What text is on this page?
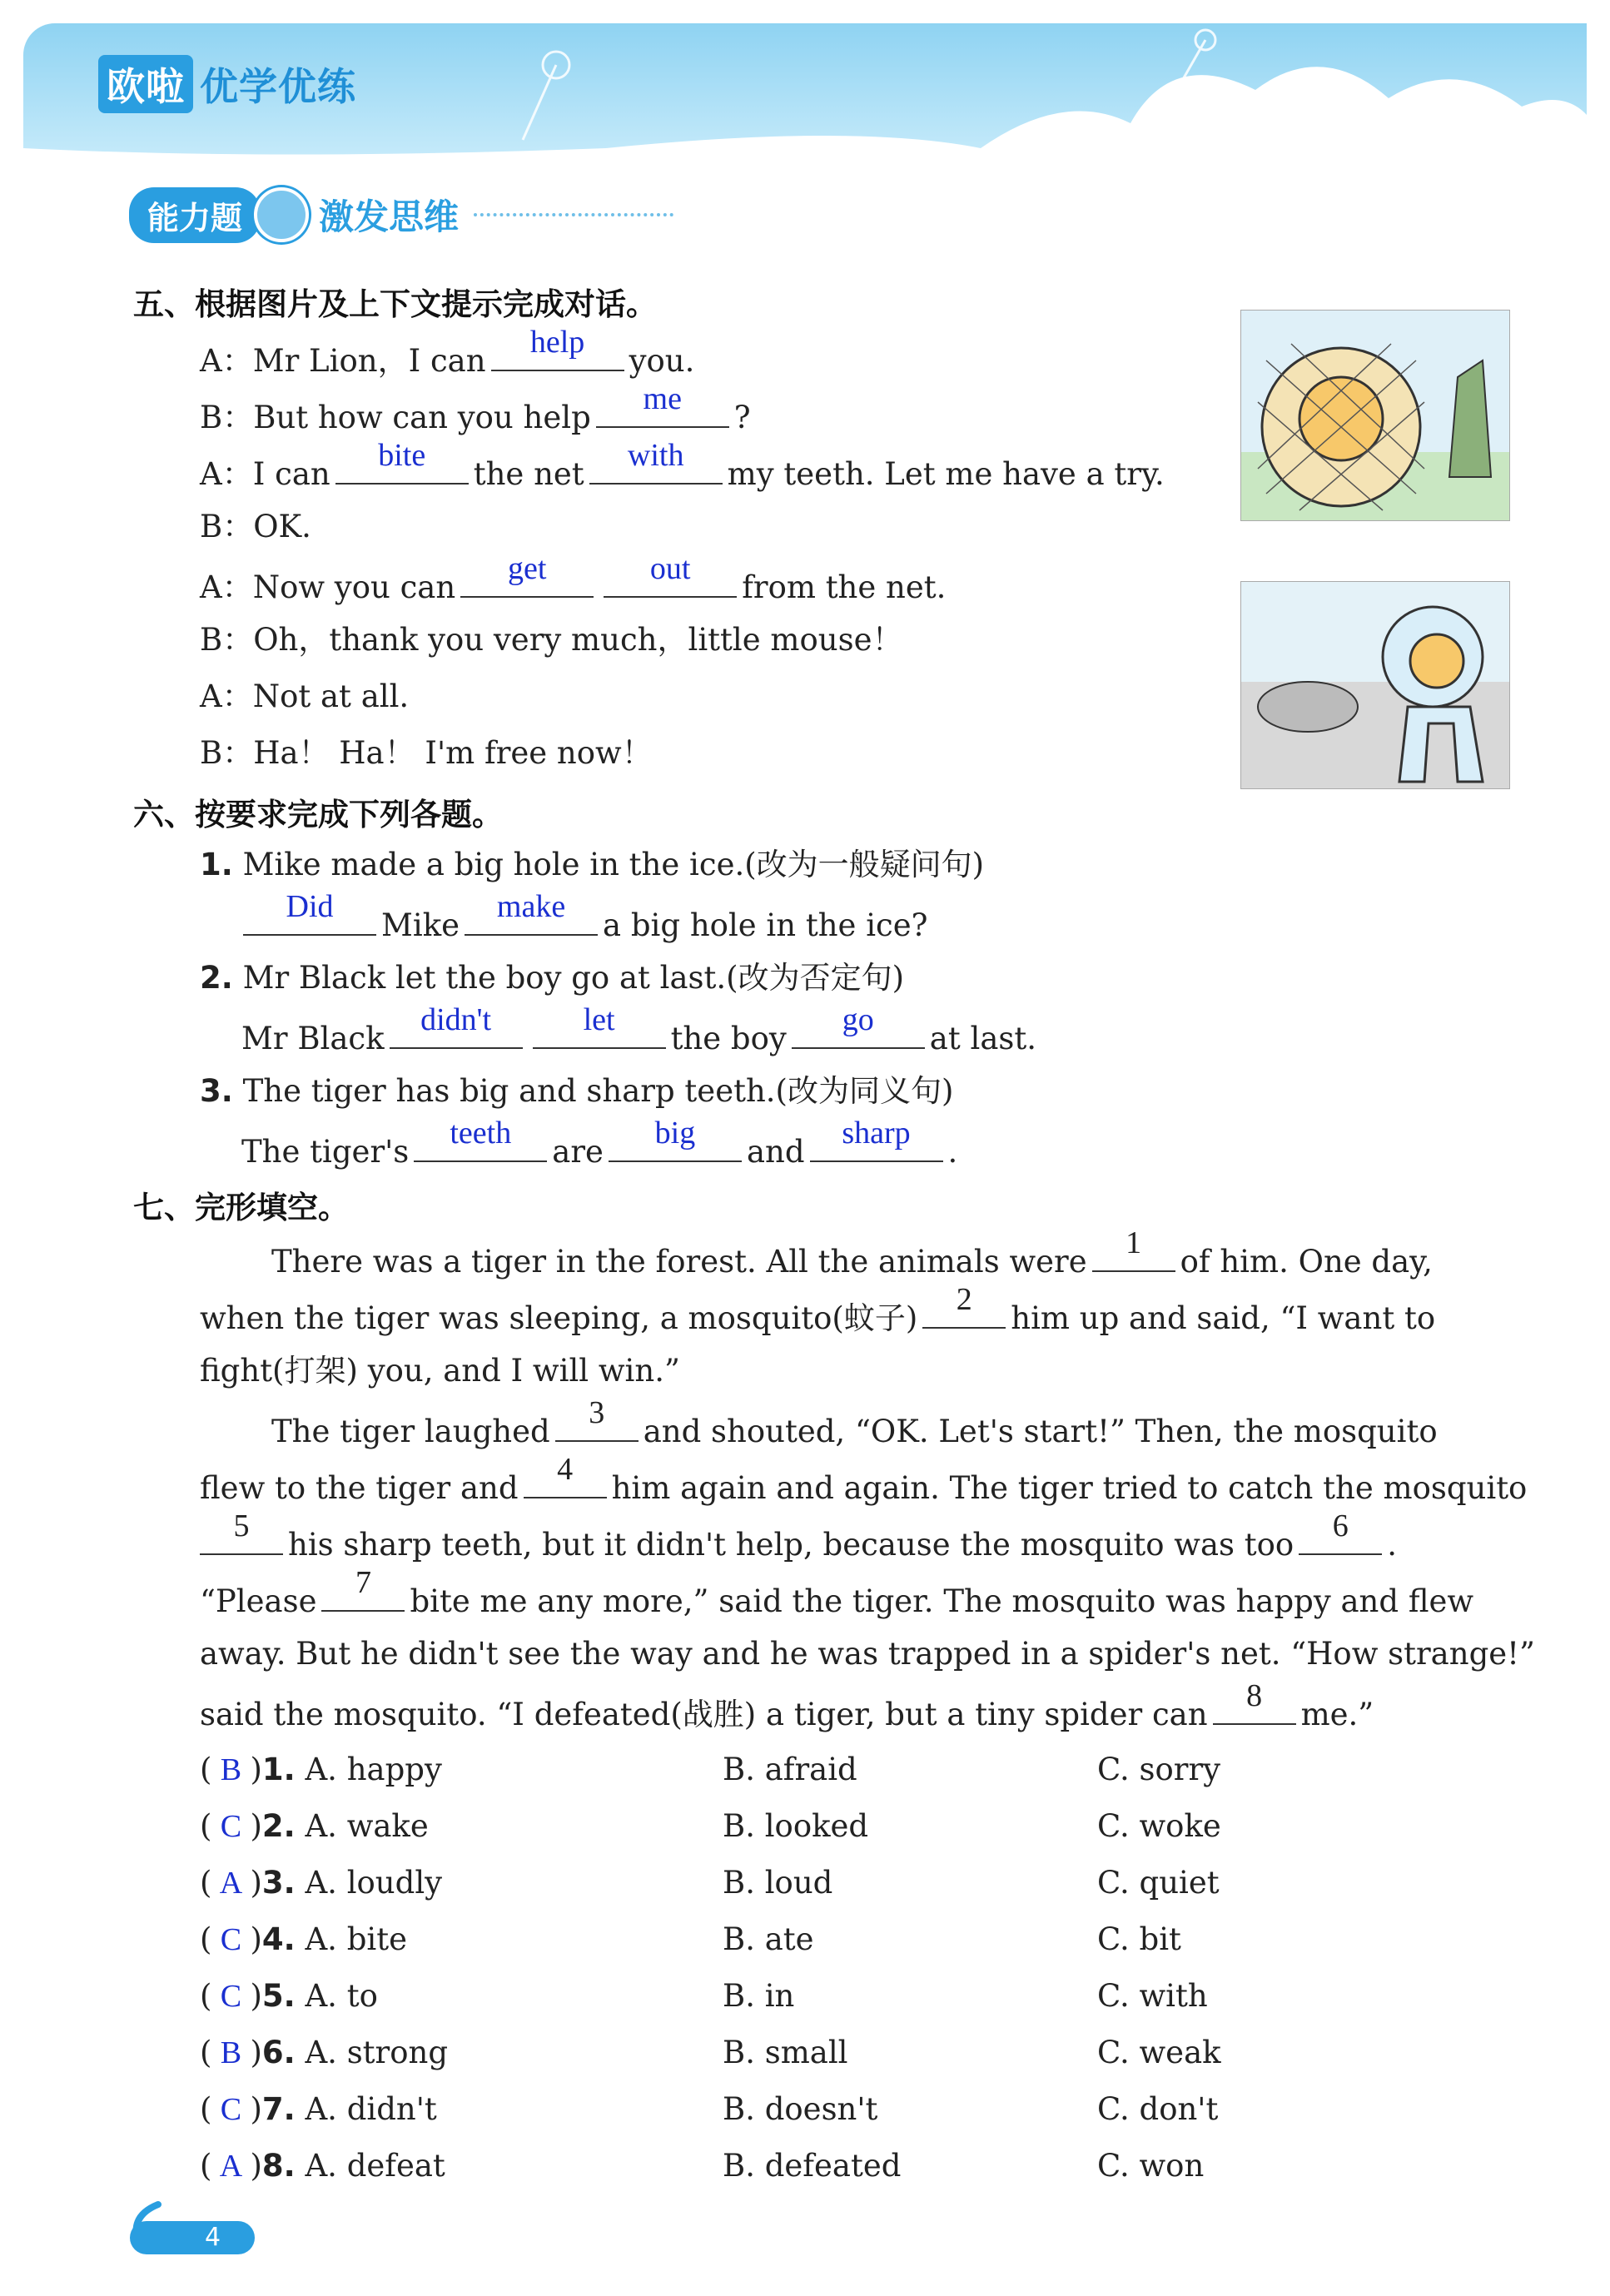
欧啦 优学优练
能力题	激发思维
五、根据图片及上下文提示完成对话。
A：Mr Lion，I can
help
you.
B：But how can you help
me
?
A：I can
bite
the net
with
my teeth. Let me have a try.
B：OK.
A：Now you can
get	out
from the net.
B：Oh，thank you very much，little mouse！
A：Not at all.
B：Ha！ Ha！ I'm free now！
六、按要求完成下列各题。
1. Mike made a big hole in the ice.(改为一般疑问句)
Did
Mike
make
a big hole in the ice?
2. Mr Black let the boy go at last.(改为否定句)
Mr Black
didn't	let
the boy
go
at last.
3. The tiger has big and sharp teeth.(改为同义句)
The tiger's
teeth
are
big
and
sharp
.
七、完形填空。
There was a tiger in the forest. All the animals were
1
of him. One day,
when the tiger was sleeping, a mosquito(蚊子)
2
him up and said, “I want to
fight(打架) you, and I will win.”
The tiger laughed
3
and shouted, “OK. Let's start!” Then, the mosquito
flew to the tiger and
4
him again and again. The tiger tried to catch the mosquito
5
his sharp teeth, but it didn't help, because the mosquito was too
6
.
“Please
7
bite me any more,” said the tiger. The mosquito was happy and flew
away. But he didn't see the way and he was trapped in a spider's net. “How strange!”
said the mosquito. “I defeated(战胜) a tiger, but a tiny spider can
8
me.”
( B )1. A. happy	B. afraid	C. sorry
( C )2. A. wake	B. looked	C. woke
( A )3. A. loudly	B. loud	C. quiet
( C )4. A. bite	B. ate	C. bit
( C )5. A. to	B. in	C. with
( B )6. A. strong	B. small	C. weak
( C )7. A. didn't	B. doesn't	C. don't
( A )8. A. defeat	B. defeated	C. won
4
